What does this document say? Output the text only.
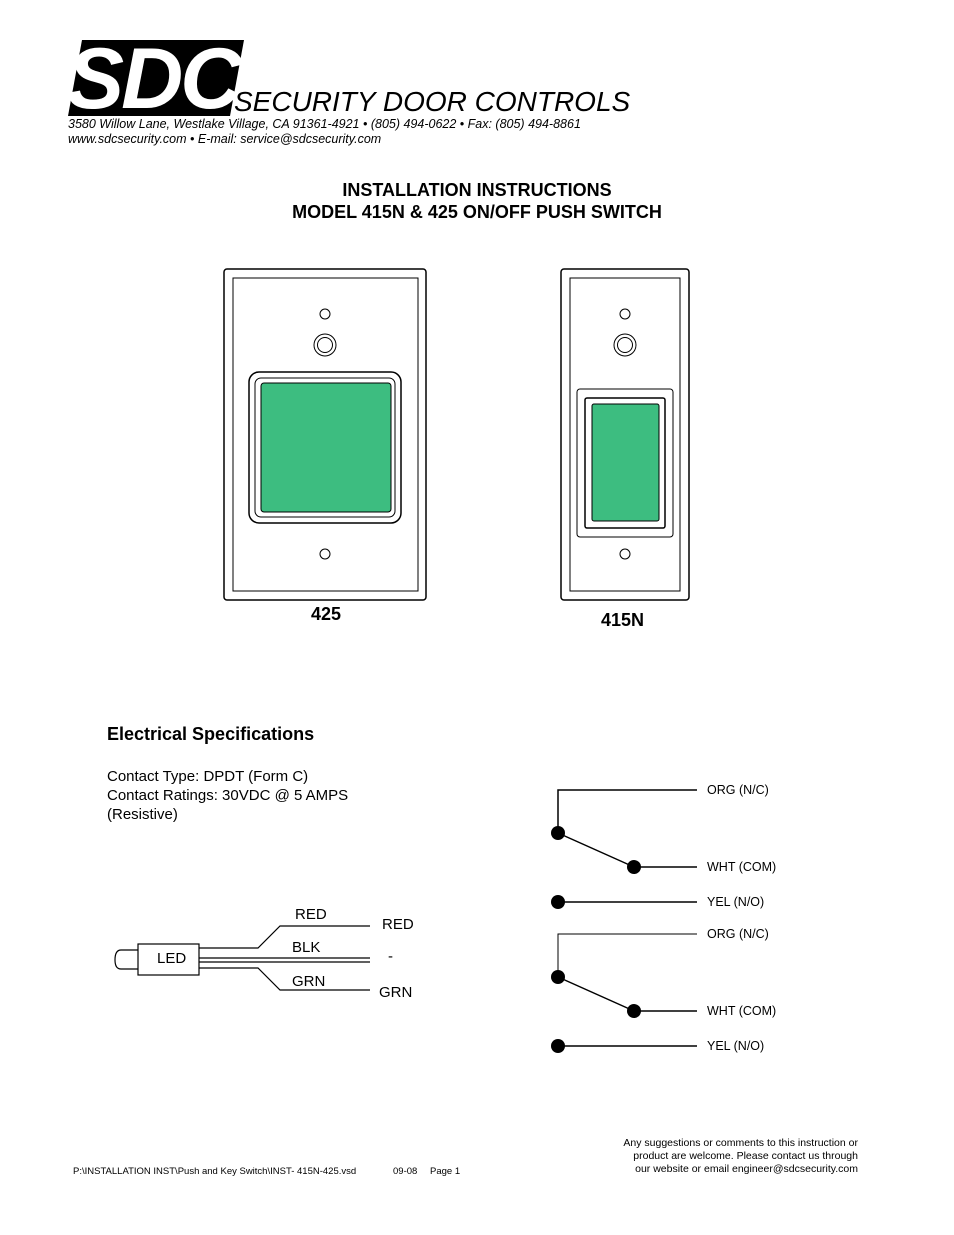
SDC
SECURITY DOOR CONTROLS
3580 Willow Lane, Westlake Village, CA 91361-4921 • (805) 494-0622 • Fax: (805) 494-8861
www.sdcsecurity.com • E-mail: service@sdcsecurity.com
INSTALLATION INSTRUCTIONS
MODEL 415N & 425 ON/OFF PUSH SWITCH
425	415N
Electrical Specifications
Contact Type: DPDT (Form C)
Contact Ratings: 30VDC @ 5 AMPS
(Resistive)
LED
RED
BLK
GRN
RED
-
GRN
ORG (N/C)
WHT (COM)
YEL (N/O)
ORG (N/C)
WHT (COM)
YEL (N/O)
P:\INSTALLATION INST\Push and Key Switch\INST- 415N-425.vsd	09-08 Page 1
Any suggestions or comments to this instruction or
product are welcome. Please contact us through
our website or email engineer@sdcsecurity.com
